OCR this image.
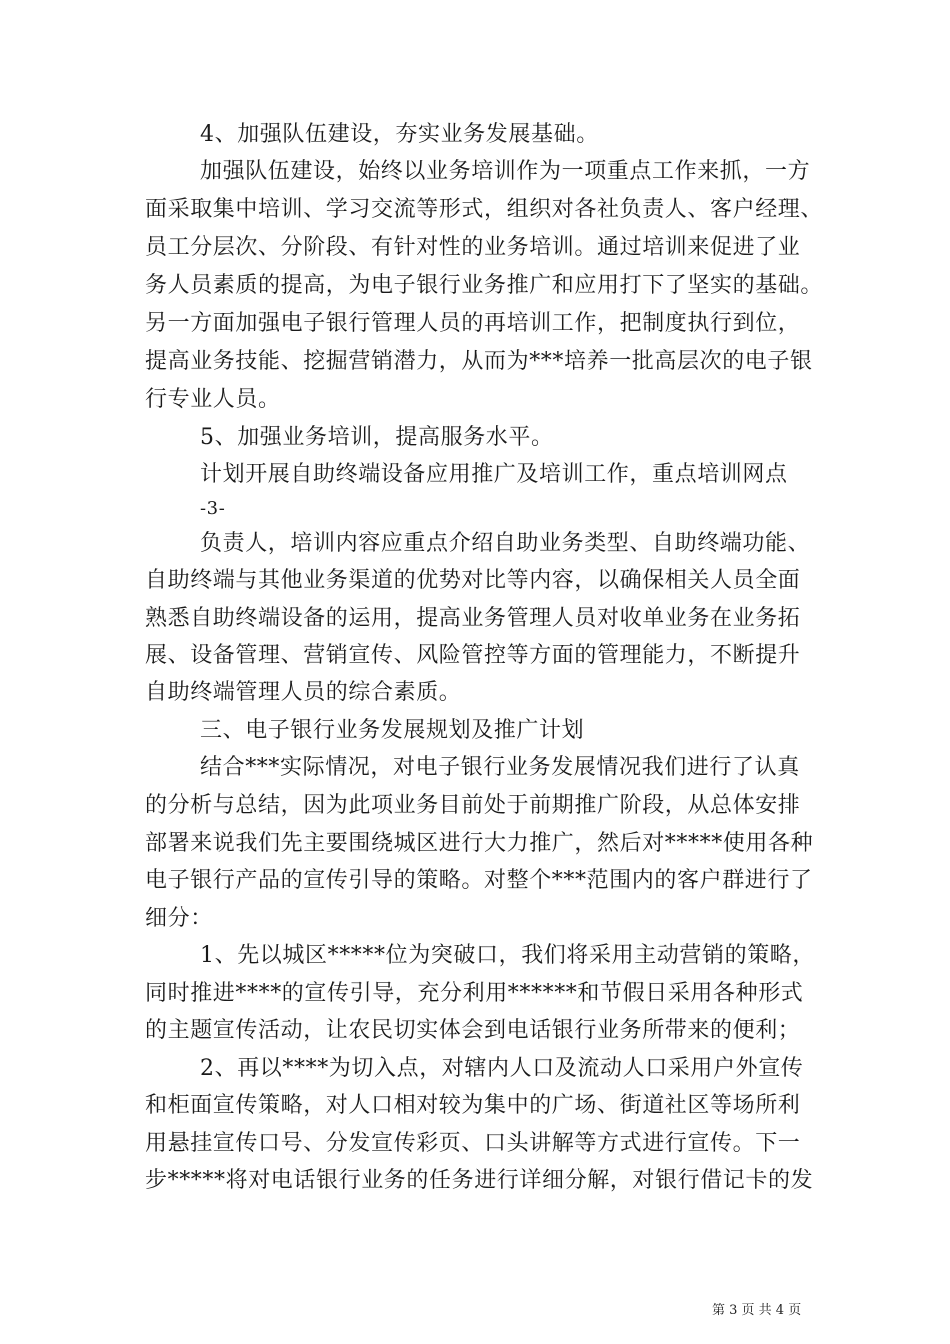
4、加强队伍建设，夯实业务发展基础。
加强队伍建设，始终以业务培训作为一项重点工作来抓，一方
面采取集中培训、学习交流等形式，组织对各社负责人、客户经理、
员工分层次、分阶段、有针对性的业务培训。通过培训来促进了业
务人员素质的提高，为电子银行业务推广和应用打下了坚实的基础。
另一方面加强电子银行管理人员的再培训工作，把制度执行到位，
提高业务技能、挖掘营销潜力，从而为***培养一批高层次的电子银
行专业人员。
5、加强业务培训，提高服务水平。
计划开展自助终端设备应用推广及培训工作，重点培训网点
-3-
负责人，培训内容应重点介绍自助业务类型、自助终端功能、
自助终端与其他业务渠道的优势对比等内容，以确保相关人员全面
熟悉自助终端设备的运用，提高业务管理人员对收单业务在业务拓
展、设备管理、营销宣传、风险管控等方面的管理能力，不断提升
自助终端管理人员的综合素质。
三、电子银行业务发展规划及推广计划
结合***实际情况，对电子银行业务发展情况我们进行了认真
的分析与总结，因为此项业务目前处于前期推广阶段，从总体安排
部署来说我们先主要围绕城区进行大力推广，然后对*****使用各种
电子银行产品的宣传引导的策略。对整个***范围内的客户群进行了
细分：
1、先以城区*****位为突破口，我们将采用主动营销的策略，
同时推进****的宣传引导，充分利用******和节假日采用各种形式
的主题宣传活动，让农民切实体会到电话银行业务所带来的便利；
2、再以****为切入点，对辖内人口及流动人口采用户外宣传
和柜面宣传策略，对人口相对较为集中的广场、街道社区等场所利
用悬挂宣传口号、分发宣传彩页、口头讲解等方式进行宣传。下一
步*****将对电话银行业务的任务进行详细分解，对银行借记卡的发
第 3 页 共 4 页
